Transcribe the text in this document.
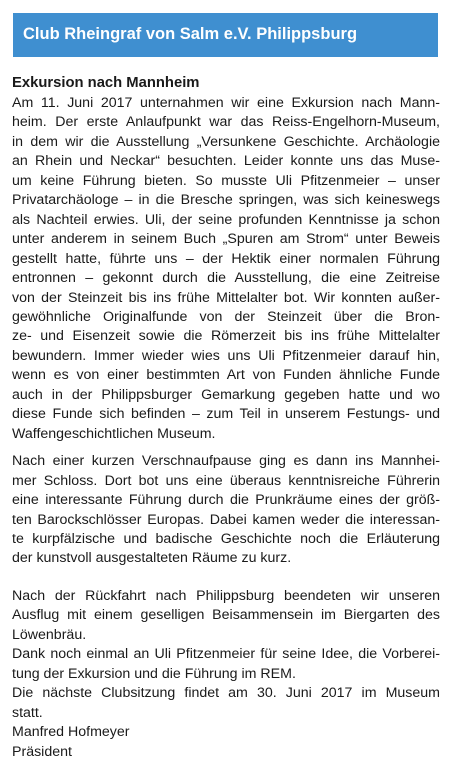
Club Rheingraf von Salm e.V. Philippsburg
Exkursion nach Mannheim
Am 11. Juni 2017 unternahmen wir eine Exkursion nach Mann-
heim. Der erste Anlaufpunkt war das Reiss-Engelhorn-Museum,
in dem wir die Ausstellung „Versunkene Geschichte. Archäologie
an Rhein und Neckar“ besuchten. Leider konnte uns das Muse-
um keine Führung bieten. So musste Uli Pfitzenmeier – unser
Privatarchäologe – in die Bresche springen, was sich keineswegs
als Nachteil erwies. Uli, der seine profunden Kenntnisse ja schon
unter anderem in seinem Buch „Spuren am Strom“ unter Beweis
gestellt hatte, führte uns – der Hektik einer normalen Führung
entronnen – gekonnt durch die Ausstellung, die eine Zeitreise
von der Steinzeit bis ins frühe Mittelalter bot. Wir konnten außer-
gewöhnliche Originalfunde von der Steinzeit über die Bron-
ze- und Eisenzeit sowie die Römerzeit bis ins frühe Mittelalter
bewundern. Immer wieder wies uns Uli Pfitzenmeier darauf hin,
wenn es von einer bestimmten Art von Funden ähnliche Funde
auch in der Philippsburger Gemarkung gegeben hatte und wo
diese Funde sich befinden – zum Teil in unserem Festungs- und
Waffengeschichtlichen Museum.
Nach einer kurzen Verschnaufpause ging es dann ins Mannhei-
mer Schloss. Dort bot uns eine überaus kenntnisreiche Führerin
eine interessante Führung durch die Prunkräume eines der größ-
ten Barockschlösser Europas. Dabei kamen weder die interessan-
te kurpfälzische und badische Geschichte noch die Erläuterung
der kunstvoll ausgestalteten Räume zu kurz.
Nach der Rückfahrt nach Philippsburg beendeten wir unseren
Ausflug mit einem geselligen Beisammensein im Biergarten des
Löwenbräu.
Dank noch einmal an Uli Pfitzenmeier für seine Idee, die Vorberei-
tung der Exkursion und die Führung im REM.
Die nächste Clubsitzung findet am 30. Juni 2017 im Museum
statt.
Manfred Hofmeyer
Präsident
